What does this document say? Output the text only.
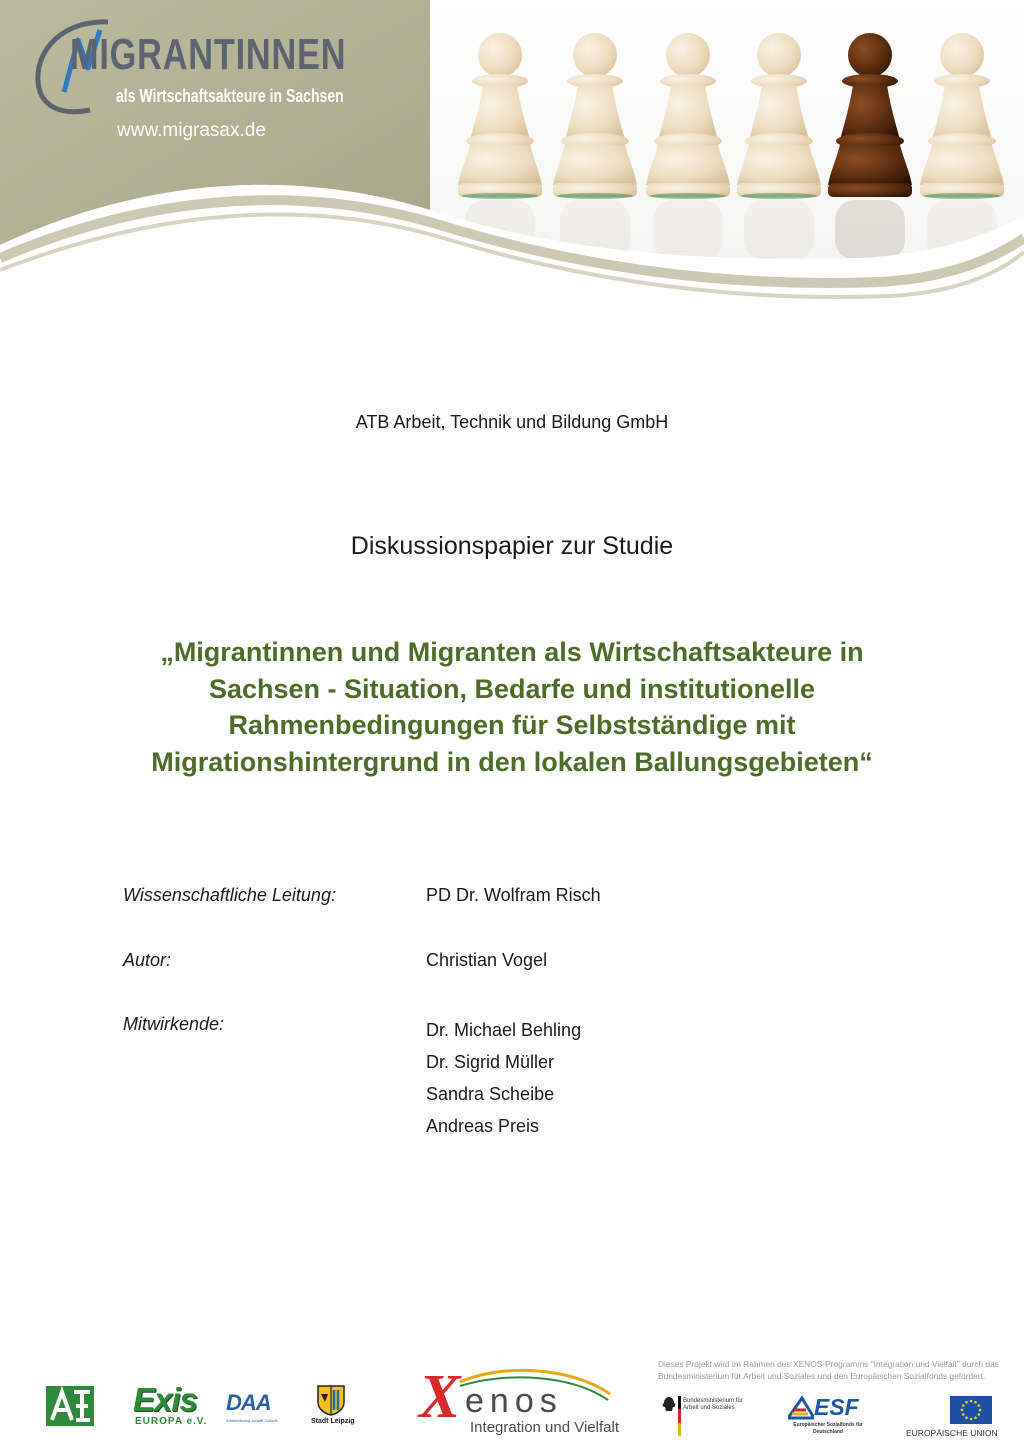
MIGRANTINNEN
als Wirtschaftsakteure in Sachsen
www.migrasax.de
ATB Arbeit, Technik und Bildung GmbH
Diskussionspapier zur Studie
„Migrantinnen und Migranten als Wirtschaftsakteure in Sachsen - Situation, Bedarfe und institutionelle Rahmenbedingungen für Selbstständige mit Migrationshintergrund in den lokalen Ballungsgebieten“
Wissenschaftliche Leitung:	PD Dr. Wolfram Risch
Autor:	Christian Vogel
Mitwirkende:	Dr. Michael Behling
Dr. Sigrid Müller
Sandra Scheibe
Andreas Preis
Exis
EUROPA e.V.
DAA
Weiterbildung schafft Zukunft	Stadt Leipzig X enos
Integration und Vielfalt
Dieses Projekt wird im Rahmen des XENOS-Programms "Integration und Vielfalt" durch das Bundesministerium für Arbeit und Soziales und den Europäischen Sozialfonds gefördert.
Bundesministerium für Arbeit und Soziales	ESF
Europäischer Sozialfonds für Deutschland	EUROPÄISCHE UNION
